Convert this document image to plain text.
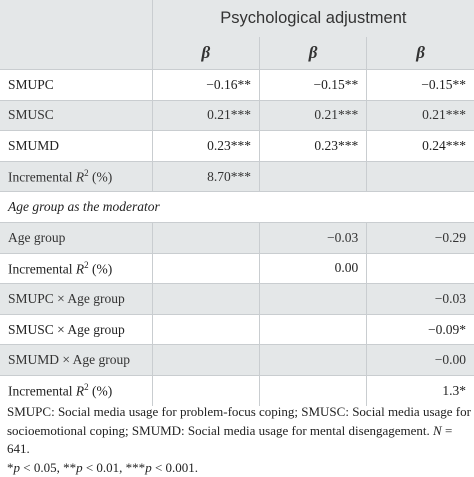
	Psychological adjustment		
	β	β	β
SMUPC	−0.16**	−0.15**	−0.15**
SMUSC	0.21***	0.21***	0.21***
SMUMD	0.23***	0.23***	0.24***
Incremental $R^2$ (%)	8.70***		
Age group as the moderator			
Age group		−0.03	−0.29
Incremental $R^2$ (%)		0.00	
SMUPC × Age group			−0.03
SMUSC × Age group			−0.09*
SMUMD × Age group			−0.00
Incremental $R^2$ (%)			1.3*
SMUPC: Social media usage for problem-focus coping; SMUSC: Social media usage for socioemotional coping; SMUMD: Social media usage for mental disengagement. N = 641.
*p < 0.05, **p < 0.01, ***p < 0.001.
